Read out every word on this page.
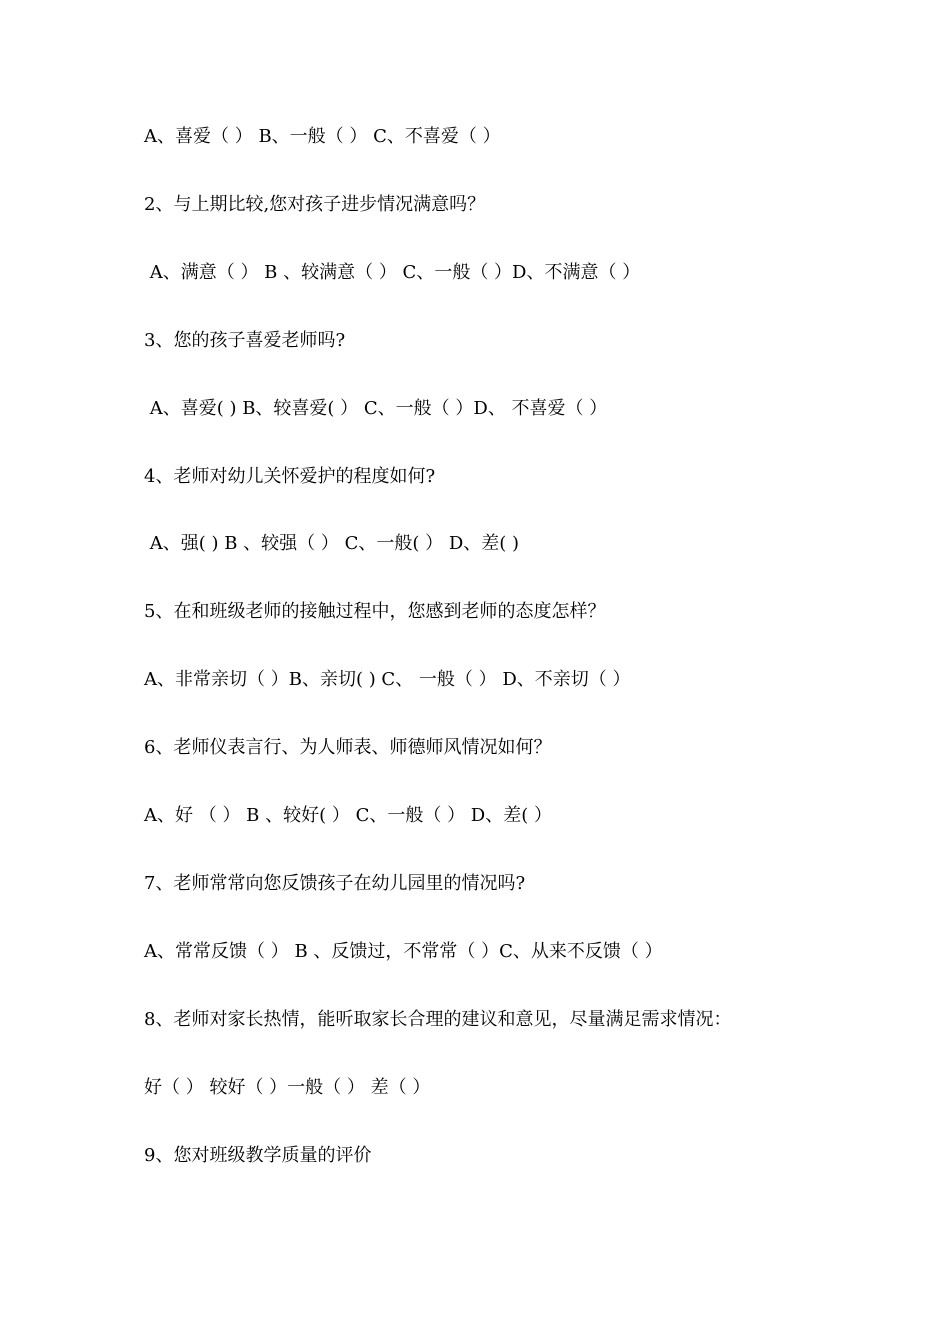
A、喜爱（ ） B、一般（ ） C、不喜爱（ ）

2、与上期比较,您对孩子进步情况满意吗？

A、满意（ ） B 、较满意（ ） C、一般（ ）D、不满意（ ）

3、您的孩子喜爱老师吗?

A、喜爱( ) B、较喜爱( ） C、一般（ ）D、 不喜爱（ ）

4、老师对幼儿关怀爱护的程度如何?

A、强( ) B 、较强（ ） C、一般( ） D、差( )

5、在和班级老师的接触过程中，您感到老师的态度怎样？

A、非常亲切（ ）B、亲切( ) C、 一般（ ） D、不亲切（ ）

6、老师仪表言行、为人师表、师德师风情况如何？

A、好 （ ） B 、较好( ） C、一般（ ） D、差( ）

7、老师常常向您反馈孩子在幼儿园里的情况吗?

A、常常反馈（ ） B 、反馈过，不常常（ ）C、从来不反馈（ ）

8、老师对家长热情，能听取家长合理的建议和意见，尽量满足需求情况：

好（ ） 较好（ ）一般（ ） 差（ ）

9、您对班级教学质量的评价
